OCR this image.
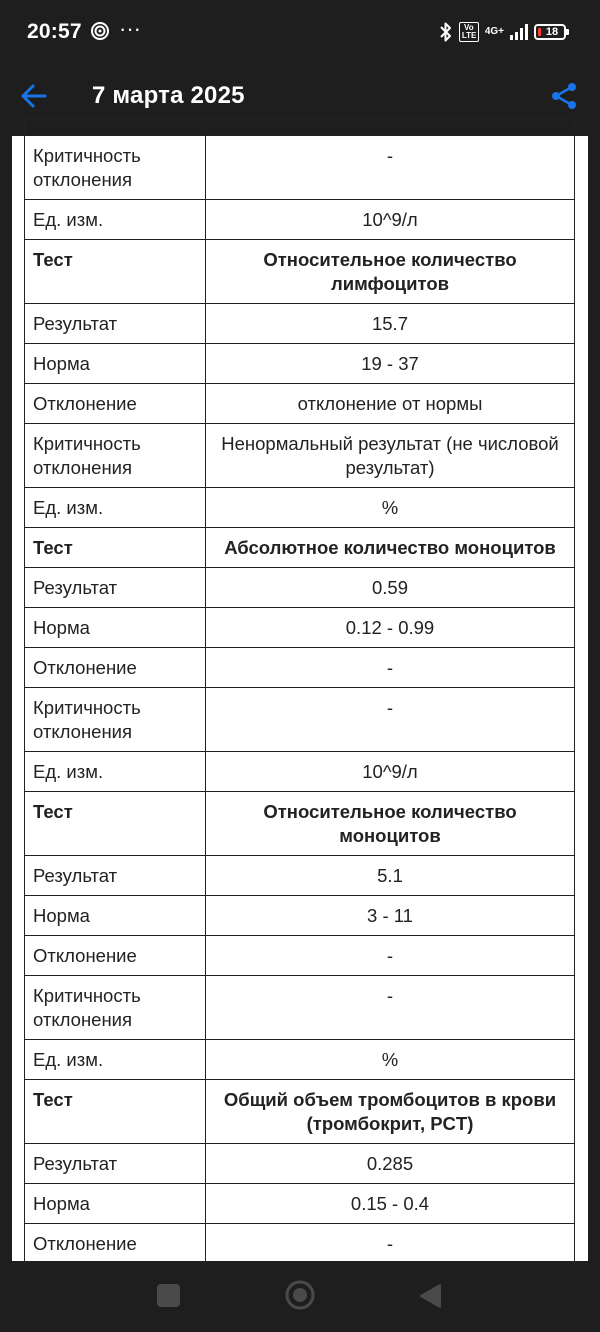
20:57 ···	Vo LTE 4G+	18
7 марта 2025

Критичность отклонения	-
Ед. изм.	10^9/л
Тест	Относительное количество лимфоцитов
Результат	15.7
Норма	19 - 37
Отклонение	отклонение от нормы
Критичность отклонения	Ненормальный результат (не числовой результат)
Ед. изм.	%
Тест	Абсолютное количество моноцитов
Результат	0.59
Норма	0.12 - 0.99
Отклонение	-
Критичность отклонения	-
Ед. изм.	10^9/л
Тест	Относительное количество моноцитов
Результат	5.1
Норма	3 - 11
Отклонение	-
Критичность отклонения	-
Ед. изм.	%
Тест	Общий объем тромбоцитов в крови (тромбокрит, PCT)
Результат	0.285
Норма	0.15 - 0.4
Отклонение	-
